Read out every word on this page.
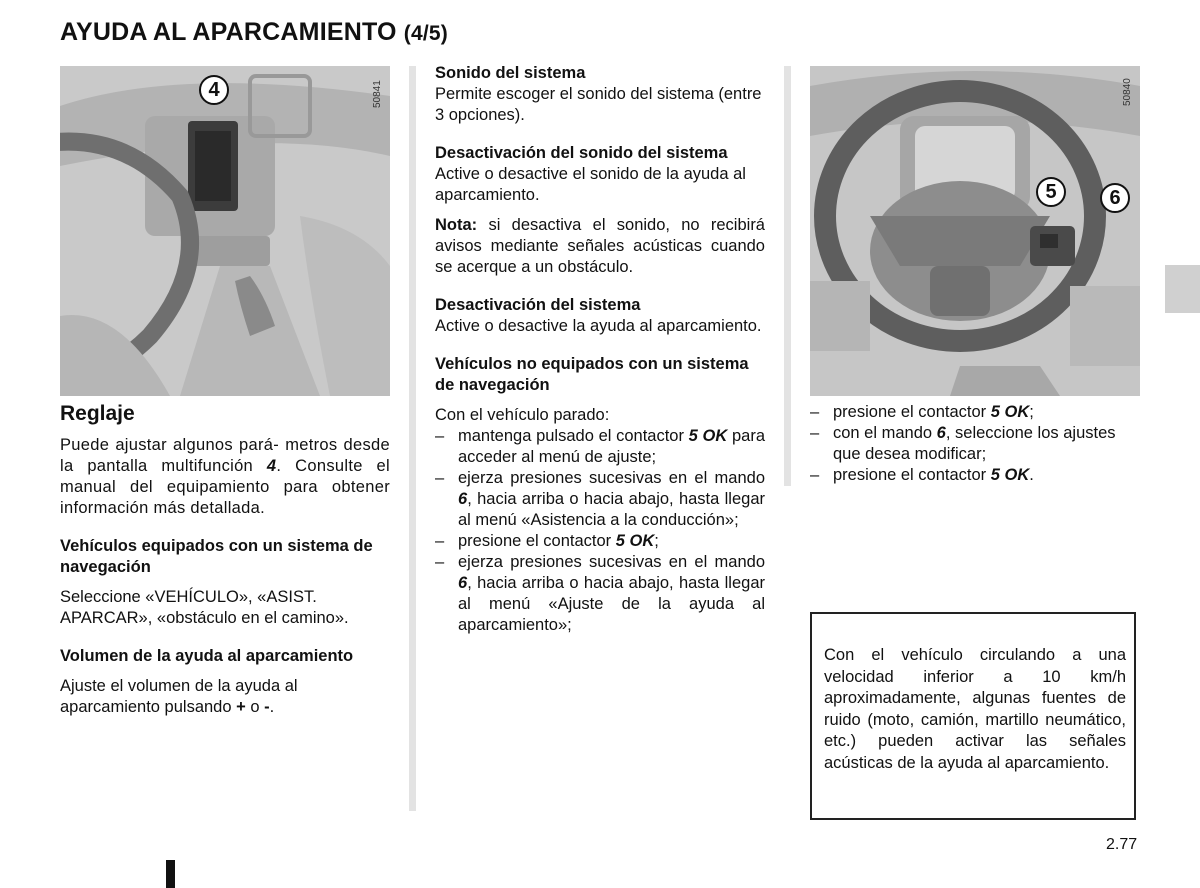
AYUDA AL APARCAMIENTO (4/5)
4	50841
5	6
50840
Reglaje

Puede ajustar algunos pará- metros desde la pantalla multifunción 4. Consulte el manual del equipamiento para obtener información más detallada.

Vehículos equipados con un sistema de navegación

Seleccione «VEHÍCULO», «ASIST. APARCAR», «obstáculo en el camino».

Volumen de la ayuda al aparcamiento

Ajuste el volumen de la ayuda al aparcamiento pulsando + o -.

Sonido del sistema

Permite escoger el sonido del sistema (entre 3 opciones).

Desactivación del sonido del sistema

Active o desactive el sonido de la ayuda al aparcamiento.

Nota: si desactiva el sonido, no recibirá avisos mediante señales acústicas cuando se acerque a un obstáculo.

Desactivación del sistema

Active o desactive la ayuda al aparcamiento.

Vehículos no equipados con un sistema de navegación

Con el vehículo parado:

– mantenga pulsado el contactor 5 OK para acceder al menú de ajuste;
– ejerza presiones sucesivas en el mando 6, hacia arriba o hacia abajo, hasta llegar al menú «Asistencia a la conducción»;
– presione el contactor 5 OK;
– ejerza presiones sucesivas en el mando 6, hacia arriba o hacia abajo, hasta llegar al menú «Ajuste de la ayuda al aparcamiento»;
– presione el contactor 5 OK;
– con el mando 6, seleccione los ajustes que desea modificar;
– presione el contactor 5 OK.

Con el vehículo circulando a una velocidad inferior a 10 km/h aproximadamente, algunas fuentes de ruido (moto, camión, martillo neumático, etc.) pueden activar las señales acústicas de la ayuda al aparcamiento.

2.77
